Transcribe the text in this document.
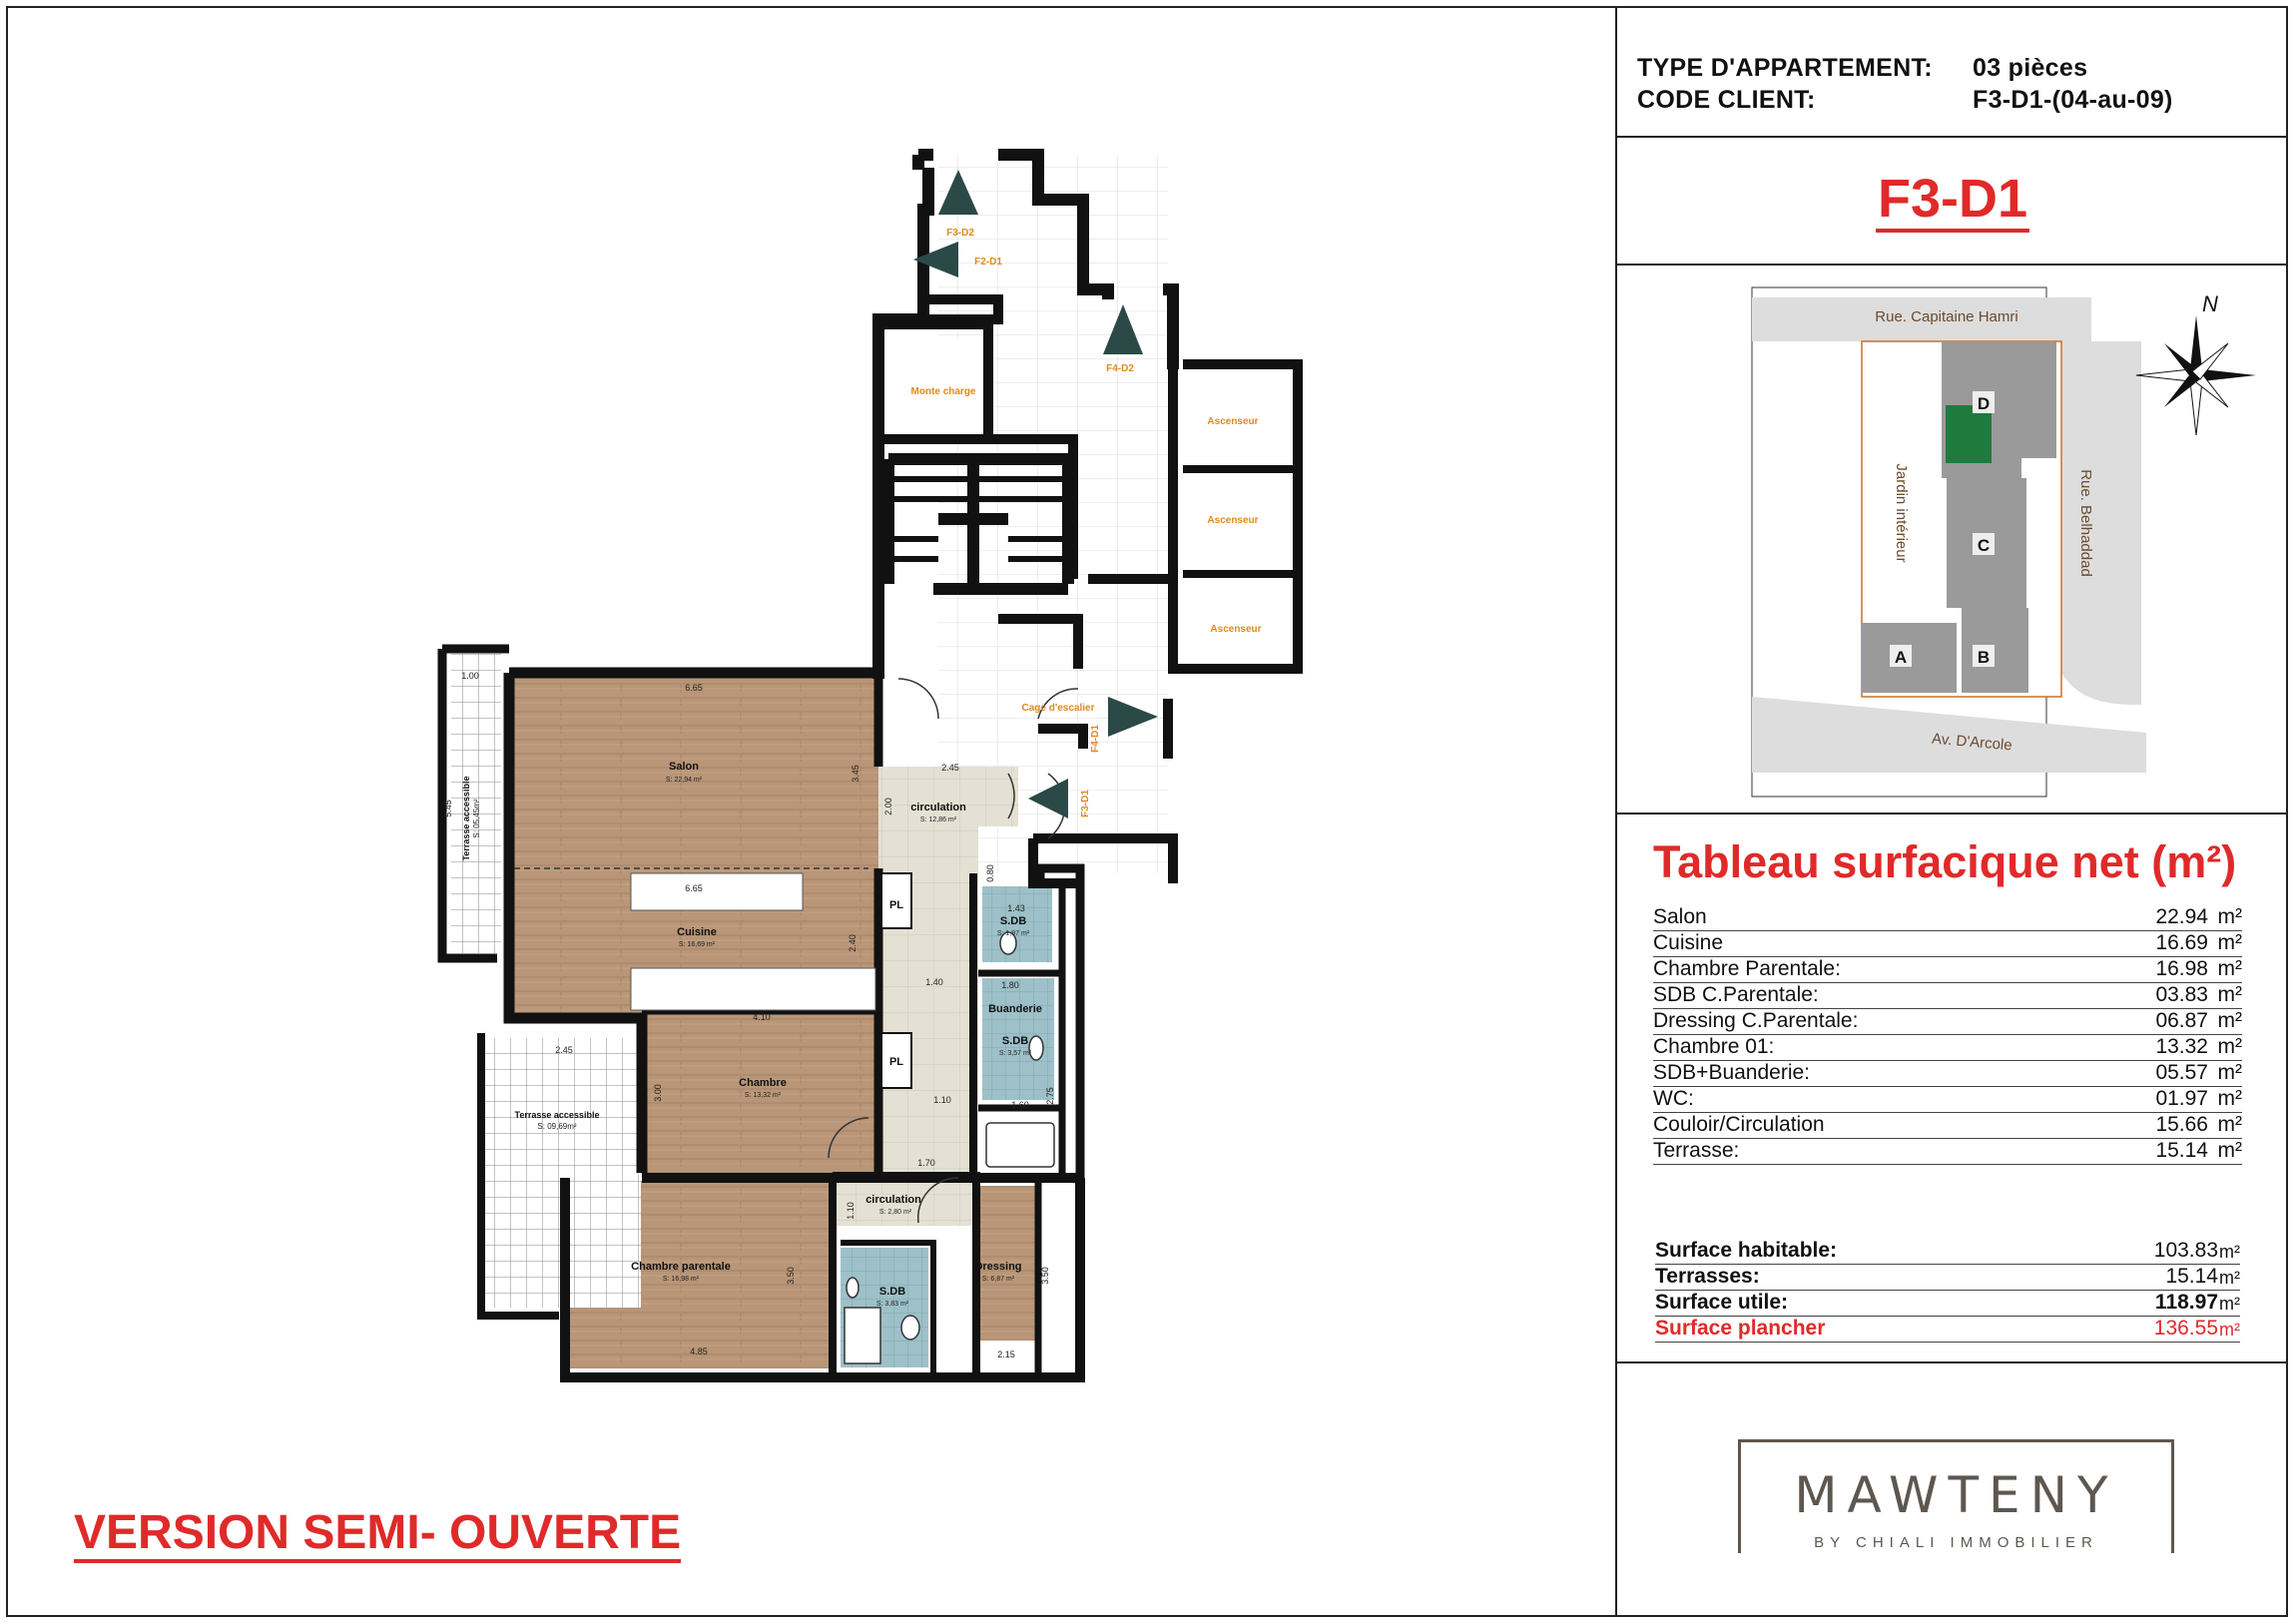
Monte charge
Ascenseur
Ascenseur
Ascenseur
Cage d'escalier
F3-D2
F2-D1
F4-D2
F4-D1
F3-D1
Salon
Cuisine
Chambre
Chambre parentale
circulation
circulation
S.DB
S.DB
S.DB
Buanderie
Dressing
PL
PL
Terrasse accessible
Terrasse accessible	S: 22,94 m²
S: 16,69 m²
S: 13,32 m²
S: 16,98 m²
S: 12,86 m²
S: 2,80 m²
S: 1,97 m²
S: 3,57 m²
S: 3,83 m²
S: 6,87 m²
S: 09,69m²
S: 05,45m²
1.00
6.65
6.65
3.45	2.45
2.00
2.40
5.45
4.10
2.45
3.00
1.40
1.10
1.70
1.10
4.85
3.50	3.50
2.15
1.43
1.60
2.75
1.80
0.80
VERSION SEMI- OUVERTE
TYPE D'APPARTEMENT: 03 pièces
CODE CLIENT:	F3-D1-(04-au-09)
F3-D1
D
C
A	B
Rue. Capitaine Hamri
Rue. Belhaddad
Av. D'Arcole
Jardin intérieur
N
Tableau surfacique net (m²)
Salon	22.94 m²
Cuisine	16.69 m²
Chambre Parentale:	16.98 m²
SDB C.Parentale:	03.83 m²
Dressing C.Parentale:	06.87 m²
Chambre 01:	13.32 m²
SDB+Buanderie:	05.57 m²
WC:	01.97 m²
Couloir/Circulation	15.66 m²
Terrasse:	15.14 m²
Surface habitable:	103.83 m²
Terrasses:	15.14 m²
Surface utile:	118.97 m²
Surface plancher	136.55 m²
MAWTENY
BY CHIALI IMMOBILIER
